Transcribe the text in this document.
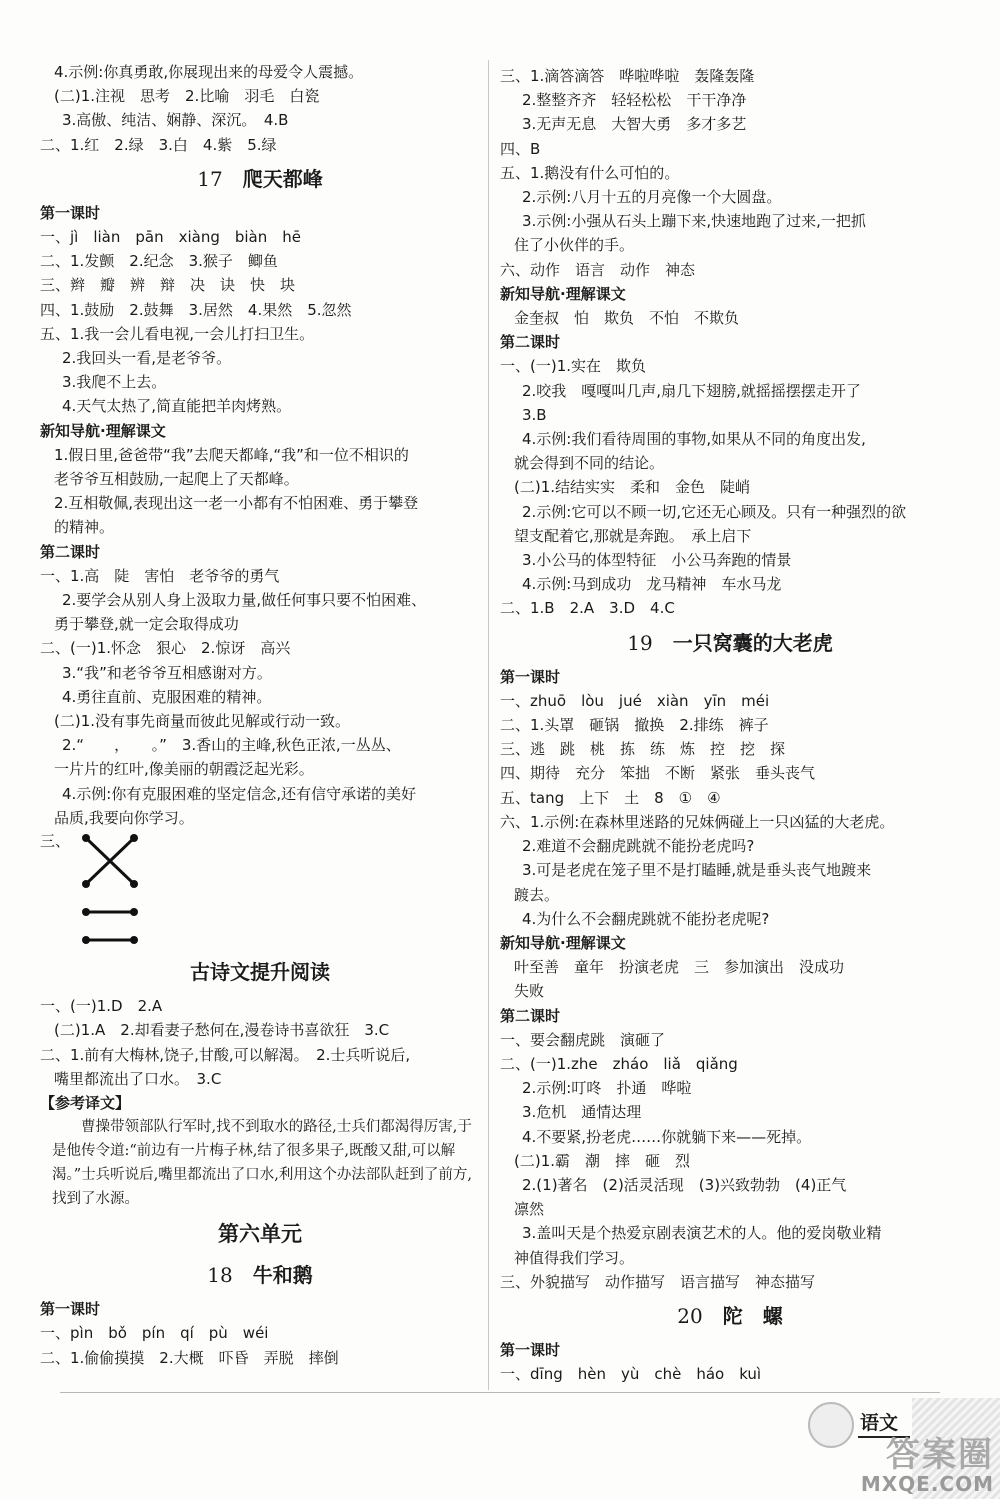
4.示例:你真勇敢,你展现出来的母爱令人震撼。
(二)1.注视　思考　2.比喻　羽毛　白瓷
3.高傲、纯洁、娴静、深沉。　4.B
二、1.红　2.绿　3.白　4.紫　5.绿
17 爬天都峰
第一课时
一、jì　liàn　pān　xiàng　biàn　hē
二、1.发颤　2.纪念　3.猴子　鲫鱼
三、辫　瓣　辨　辩　决　诀　快　块
四、1.鼓励　2.鼓舞　3.居然　4.果然　5.忽然
五、1.我一会儿看电视,一会儿打扫卫生。
2.我回头一看,是老爷爷。
3.我爬不上去。
4.天气太热了,简直能把羊肉烤熟。
新知导航·理解课文
1.假日里,爸爸带“我”去爬天都峰,“我”和一位不相识的
老爷爷互相鼓励,一起爬上了天都峰。
2.互相敬佩,表现出这一老一小都有不怕困难、勇于攀登
的精神。
第二课时
一、1.高　陡　害怕　老爷爷的勇气
2.要学会从别人身上汲取力量,做任何事只要不怕困难、
勇于攀登,就一定会取得成功
二、(一)1.怀念　狠心　2.惊讶　高兴
3.“我”和老爷爷互相感谢对方。
4.勇往直前、克服困难的精神。
(二)1.没有事先商量而彼此见解或行动一致。
2.“　　，　　。”　3.香山的主峰,秋色正浓,一丛丛、
一片片的红叶,像美丽的朝霞泛起光彩。
4.示例:你有克服困难的坚定信念,还有信守承诺的美好
品质,我要向你学习。
三、
古诗文提升阅读
一、(一)1.D　2.A
(二)1.A　2.却看妻子愁何在,漫卷诗书喜欲狂　3.C
二、1.前有大梅林,饶子,甘酸,可以解渴。　2.士兵听说后,
嘴里都流出了口水。　3.C
【参考译文】
曹操带领部队行军时,找不到取水的路径,士兵们都渴得厉害,于是他传令道:“前边有一片梅子林,结了很多果子,既酸又甜,可以解渴。”士兵听说后,嘴里都流出了口水,利用这个办法部队赶到了前方,找到了水源。
第六单元
18 牛和鹅
第一课时
一、pìn　bǒ　pín　qí　pù　wéi
二、1.偷偷摸摸　2.大概　吓昏　弄脱　摔倒
三、1.滴答滴答　哗啦哗啦　轰隆轰隆
2.整整齐齐　轻轻松松　干干净净
3.无声无息　大智大勇　多才多艺
四、B
五、1.鹅没有什么可怕的。
2.示例:八月十五的月亮像一个大圆盘。
3.示例:小强从石头上蹦下来,快速地跑了过来,一把抓
住了小伙伴的手。
六、动作　语言　动作　神态
新知导航·理解课文
金奎叔　怕　欺负　不怕　不欺负
第二课时
一、(一)1.实在　欺负
2.咬我　嘎嘎叫几声,扇几下翅膀,就摇摇摆摆走开了
3.B
4.示例:我们看待周围的事物,如果从不同的角度出发,
就会得到不同的结论。
(二)1.结结实实　柔和　金色　陡峭
2.示例:它可以不顾一切,它还无心顾及。只有一种强烈的欲
望支配着它,那就是奔跑。　承上启下
3.小公马的体型特征　小公马奔跑的情景
4.示例:马到成功　龙马精神　车水马龙
二、1.B　2.A　3.D　4.C
19 一只窝囊的大老虎
第一课时
一、zhuō　lòu　jué　xiàn　yīn　méi
二、1.头罩　砸锅　撤换　2.排练　裤子
三、逃　跳　桃　拣　练　炼　控　挖　探
四、期待　充分　笨拙　不断　紧张　垂头丧气
五、tang　上下　土　8　①　④
六、1.示例:在森林里迷路的兄妹俩碰上一只凶猛的大老虎。
2.难道不会翻虎跳就不能扮老虎吗?
3.可是老虎在笼子里不是打瞌睡,就是垂头丧气地踱来
踱去。
4.为什么不会翻虎跳就不能扮老虎呢?
新知导航·理解课文
叶至善　童年　扮演老虎　三　参加演出　没成功
失败
第二课时
一、要会翻虎跳　演砸了
二、(一)1.zhe　zháo　liǎ　qiǎng
2.示例:叮咚　扑通　哗啦
3.危机　通情达理
4.不要紧,扮老虎……你就躺下来——死掉。
(二)1.霸　潮　摔　砸　烈
2.(1)著名　(2)活灵活现　(3)兴致勃勃　(4)正气
凛然
3.盖叫天是个热爱京剧表演艺术的人。他的爱岗敬业精
神值得我们学习。
三、外貌描写　动作描写　语言描写　神态描写
20 陀　螺
第一课时
一、dīng　hèn　yù　chè　háo　kuì
语文
答案圈
MXQE.COM
